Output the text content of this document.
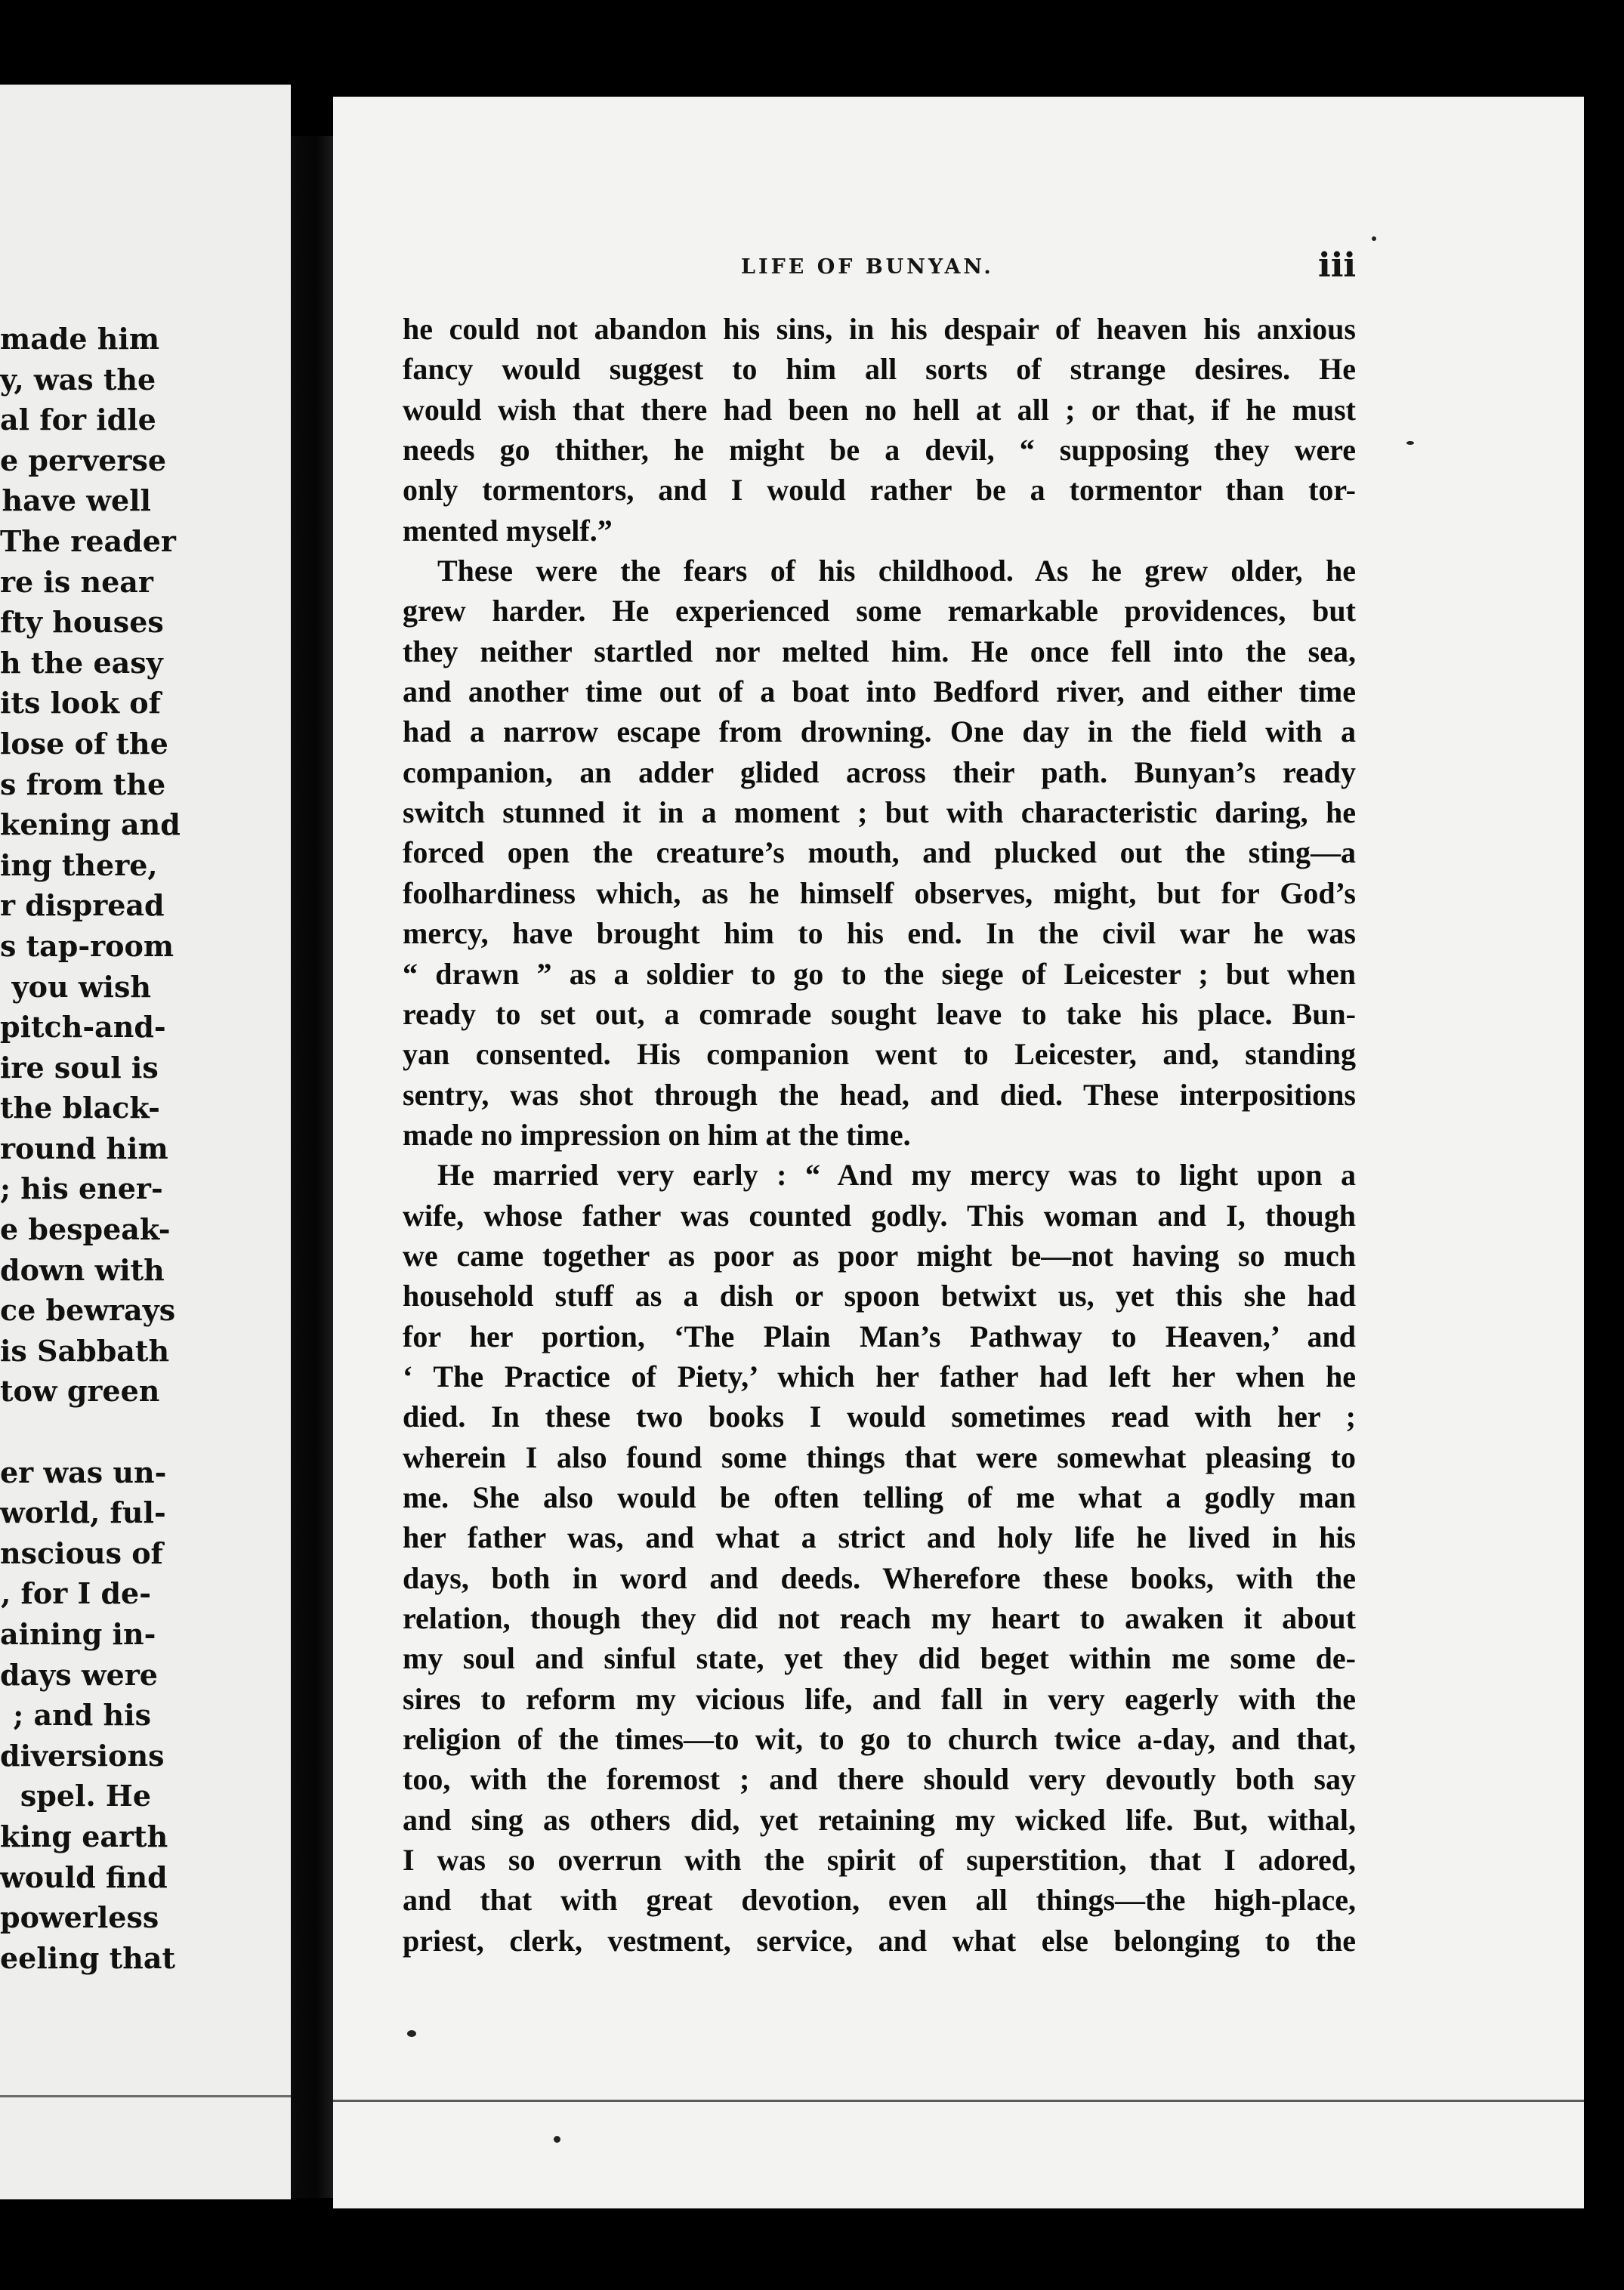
made him
y, was the
al for idle
e perverse
have well
The reader
re is near
fty houses
h the easy
its look of
lose of the
s from the
kening and
ing there,
r dispread
s tap-room
you wish
pitch-and-
ire soul is
the black-
round him
; his ener-
e bespeak-
down with
ce bewrays
is Sabbath
tow green
er was un-
world, ful-
nscious of
, for I de-
aining in-
days were
; and his
diversions
spel. He
king earth
would find
powerless
eeling that
LIFE OF BUNYAN.	iii
he could not abandon his sins, in his despair of heaven his anxious
fancy would suggest to him all sorts of strange desires. He
would wish that there had been no hell at all ; or that, if he must
needs go thither, he might be a devil, “ supposing they were
only tormentors, and I would rather be a tormentor than tor-
mented myself.”
These were the fears of his childhood. As he grew older, he
grew harder. He experienced some remarkable providences, but
they neither startled nor melted him. He once fell into the sea,
and another time out of a boat into Bedford river, and either time
had a narrow escape from drowning. One day in the field with a
companion, an adder glided across their path. Bunyan’s ready
switch stunned it in a moment ; but with characteristic daring, he
forced open the creature’s mouth, and plucked out the sting—a
foolhardiness which, as he himself observes, might, but for God’s
mercy, have brought him to his end. In the civil war he was
“ drawn ” as a soldier to go to the siege of Leicester ; but when
ready to set out, a comrade sought leave to take his place. Bun-
yan consented. His companion went to Leicester, and, standing
sentry, was shot through the head, and died. These interpositions
made no impression on him at the time.
He married very early : “ And my mercy was to light upon a
wife, whose father was counted godly. This woman and I, though
we came together as poor as poor might be—not having so much
household stuff as a dish or spoon betwixt us, yet this she had
for her portion, ‘The Plain Man’s Pathway to Heaven,’ and
‘ The Practice of Piety,’ which her father had left her when he
died. In these two books I would sometimes read with her ;
wherein I also found some things that were somewhat pleasing to
me. She also would be often telling of me what a godly man
her father was, and what a strict and holy life he lived in his
days, both in word and deeds. Wherefore these books, with the
relation, though they did not reach my heart to awaken it about
my soul and sinful state, yet they did beget within me some de-
sires to reform my vicious life, and fall in very eagerly with the
religion of the times—to wit, to go to church twice a-day, and that,
too, with the foremost ; and there should very devoutly both say
and sing as others did, yet retaining my wicked life. But, withal,
I was so overrun with the spirit of superstition, that I adored,
and that with great devotion, even all things—the high-place,
priest, clerk, vestment, service, and what else belonging to the
